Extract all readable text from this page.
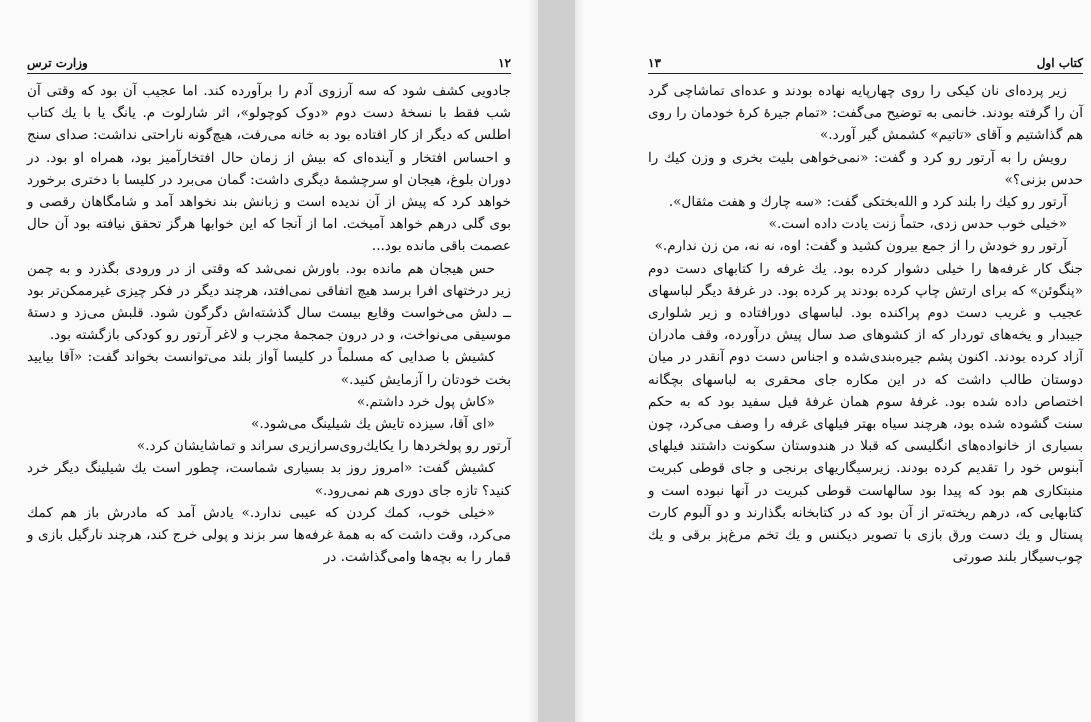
وزارت ترس	۱۲

جادویی کشف شود که سه آرزوی آدم را برآورده کند. اما عجیب آن بود که وقتی آن شب فقط با نسخهٔ دست دوم «دوک کوچولو»، اثر شارلوت م. یانگ یا با یك کتاب اطلس که دیگر از کار افتاده بود به خانه می‌رفت، هیچ‌گونه ناراحتی نداشت: صدای سنج و احساس افتخار و آینده‌ای که بیش از زمان حال افتخارآمیز بود، همراه او بود. در دوران بلوغ، هیجان او سرچشمهٔ دیگری داشت: گمان می‌برد در کلیسا با دختری برخورد خواهد کرد که پیش از آن ندیده است و زبانش بند نخواهد آمد و شامگاهان رقصی و بوی گلی درهم خواهد آمیخت. اما از آنجا که این خوابها هرگز تحقق نیافته بود آن حال عصمت باقی مانده بود...

حس هیجان هم مانده بود. باورش نمی‌شد که وقتی از در ورودی بگذرد و به چمن زیر درختهای افرا برسد هیچ اتفاقی نمی‌افتد، هرچند دیگر در فکر چیزی غیرممکن‌تر بود ــ دلش می‌خواست وقایع بیست سال گذشته‌اش دگرگون شود. قلبش می‌زد و دستهٔ موسیقی می‌نواخت، و در درون جمجمهٔ مجرب و لاغر آرتور رو کودکی بازگشته بود.

کشیش با صدایی که مسلماً در کلیسا آواز بلند می‌توانست بخواند گفت: «آقا بیایید بخت خودتان را آزمایش کنید.»

«کاش پول خرد داشتم.»

«ای آقا، سیزده تایش یك شیلینگ می‌شود.»

آرتور رو پولخردها را یکایك‌روی‌سرازیری سراند و تماشایشان کرد.»

کشیش گفت: «امروز روز بد بسیاری شماست، چطور است یك شیلینگ دیگر خرد کنید؟ تازه جای دوری هم نمی‌رود.»

«خیلی خوب، کمك کردن که عیبی ندارد.» یادش آمد که مادرش باز هم کمك می‌کرد، وقت داشت که به همهٔ غرفه‌ها سر بزند و پولی خرج کند، هرچند نارگیل بازی و قمار را به بچه‌ها وامی‌گذاشت. در

۱۳	کتاب اول

زیر پرده‌ای نان کیکی را روی چهارپایه نهاده بودند و عده‌ای تماشاچی گرد آن را گرفته بودند. خانمی به توضیح می‌گفت: «تمام جیرهٔ کرهٔ خودمان را روی هم گذاشتیم و آقای «تاتیم» کشمش گیر آورد.»

رویش را به آرتور رو کرد و گفت: «نمی‌خواهی بلیت بخری و وزن کیك را حدس بزنی؟»

آرتور رو کیك را بلند کرد و الله‌بختکی گفت: «سه چارك و هفت مثقال».

«خیلی خوب حدس زدی، حتماً زنت یادت داده است.»

آرتور رو خودش را از جمع بیرون کشید و گفت: اوه، نه نه، من زن ندارم.»

جنگ کار غرفه‌ها را خیلی دشوار کرده بود. یك غرفه را کتابهای دست دوم «پنگوئن» که برای ارتش چاپ کرده بودند پر کرده بود. در غرفهٔ دیگر لباسهای عجیب و غریب دست دوم پراکنده بود. لباسهای دورافتاده و زیر شلواری جیبدار و یخه‌های توردار که از کشوهای صد سال پیش درآورده، وقف مادران آزاد کرده بودند. اکنون پشم جیره‌بندی‌شده و اجناس دست دوم آنقدر در میان دوستان طالب داشت که در این مکاره جای محقری به لباسهای بچگانه اختصاص داده شده بود. غرفهٔ سوم همان غرفهٔ فیل سفید بود که به حکم سنت گشوده شده بود، هرچند سیاه بهتر فیلهای غرفه را وصف می‌کرد، چون بسیاری از خانواده‌های انگلیسی که قبلا در هندوستان سکونت داشتند فیلهای آبنوس خود را تقدیم کرده بودند. زیرسیگاریهای برنجی و جای قوطی کبریت منبتکاری هم بود که پیدا بود سالهاست قوطی کبریت در آنها نبوده است و کتابهایی که، درهم ریخته‌تر از آن بود که در کتابخانه بگذارند و دو آلبوم کارت پستال و یك دست ورق بازی با تصویر دیکنس و یك تخم مرغ‌پز برقی و یك چوب‌سیگار بلند صورتی
